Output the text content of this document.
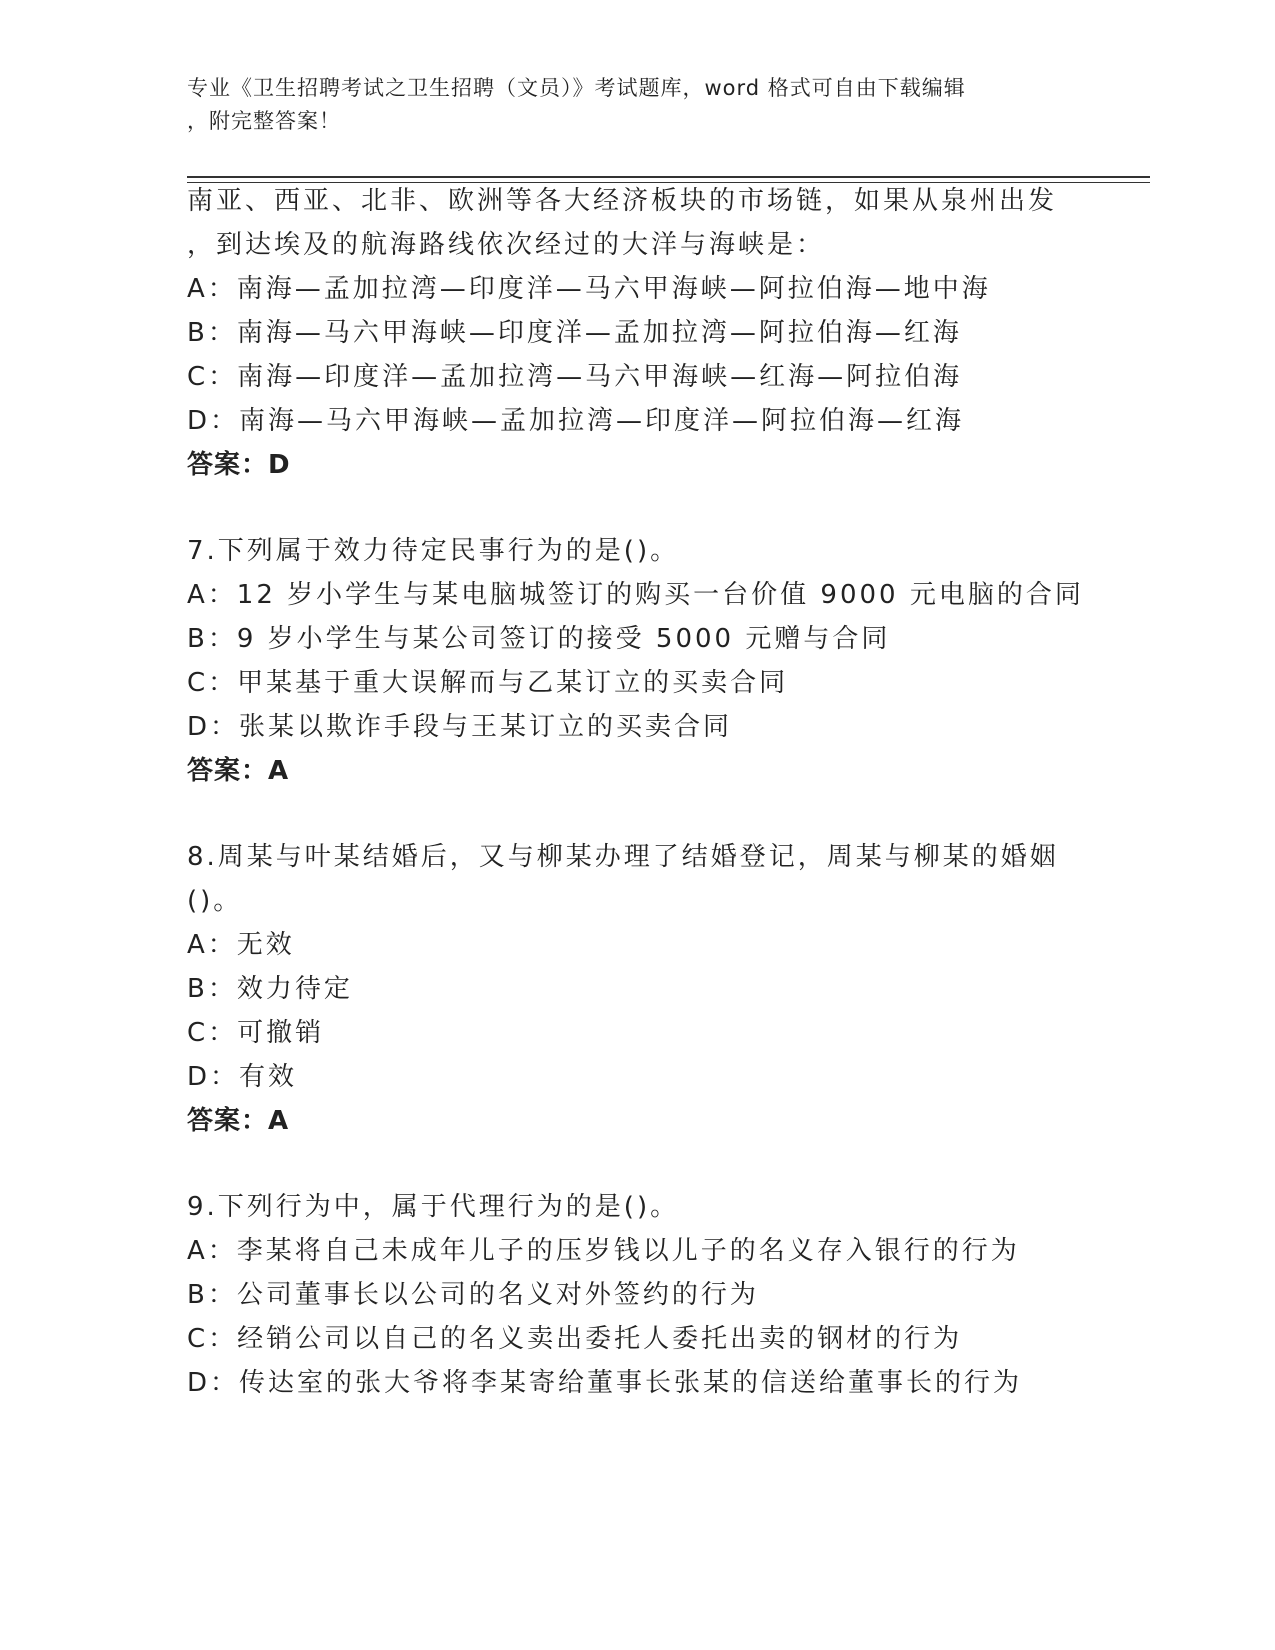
专业《卫生招聘考试之卫生招聘（文员）》考试题库，word 格式可自由下载编辑
，附完整答案！
南亚、西亚、北非、欧洲等各大经济板块的市场链，如果从泉州出发
，到达埃及的航海路线依次经过的大洋与海峡是：
A：南海—孟加拉湾—印度洋—马六甲海峡—阿拉伯海—地中海
B：南海—马六甲海峡—印度洋—孟加拉湾—阿拉伯海—红海
C：南海—印度洋—孟加拉湾—马六甲海峡—红海—阿拉伯海
D：南海—马六甲海峡—孟加拉湾—印度洋—阿拉伯海—红海
答案：D
7.下列属于效力待定民事行为的是()。
A：12 岁小学生与某电脑城签订的购买一台价值 9000 元电脑的合同
B：9 岁小学生与某公司签订的接受 5000 元赠与合同
C：甲某基于重大误解而与乙某订立的买卖合同
D：张某以欺诈手段与王某订立的买卖合同
答案：A
8.周某与叶某结婚后，又与柳某办理了结婚登记，周某与柳某的婚姻
()。
A：无效
B：效力待定
C：可撤销
D：有效
答案：A
9.下列行为中，属于代理行为的是()。
A：李某将自己未成年儿子的压岁钱以儿子的名义存入银行的行为
B：公司董事长以公司的名义对外签约的行为
C：经销公司以自己的名义卖出委托人委托出卖的钢材的行为
D：传达室的张大爷将李某寄给董事长张某的信送给董事长的行为
